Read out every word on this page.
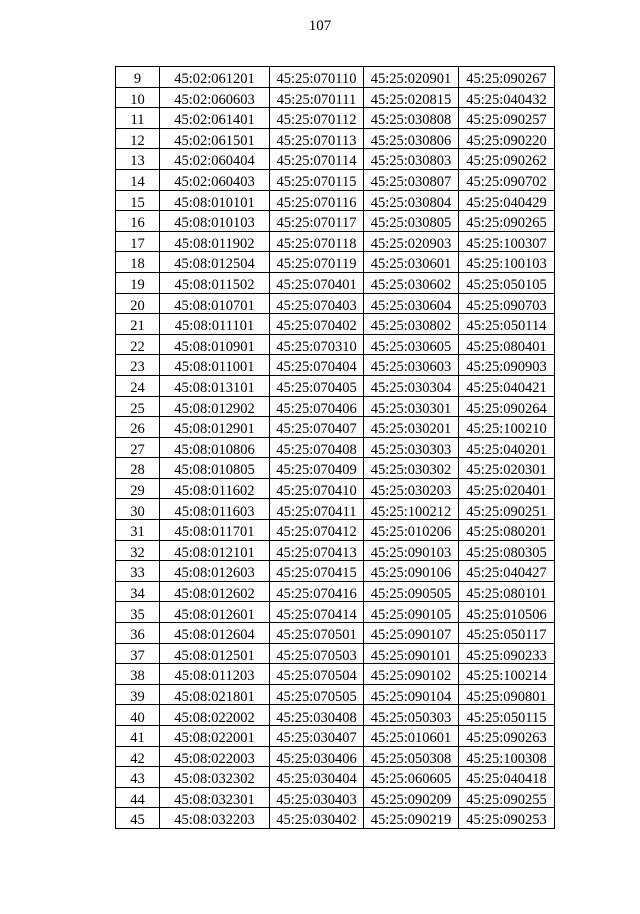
107
9	45:02:061201	45:25:070110	45:25:020901	45:25:090267
10	45:02:060603	45:25:070111	45:25:020815	45:25:040432
11	45:02:061401	45:25:070112	45:25:030808	45:25:090257
12	45:02:061501	45:25:070113	45:25:030806	45:25:090220
13	45:02:060404	45:25:070114	45:25:030803	45:25:090262
14	45:02:060403	45:25:070115	45:25:030807	45:25:090702
15	45:08:010101	45:25:070116	45:25:030804	45:25:040429
16	45:08:010103	45:25:070117	45:25:030805	45:25:090265
17	45:08:011902	45:25:070118	45:25:020903	45:25:100307
18	45:08:012504	45:25:070119	45:25:030601	45:25:100103
19	45:08:011502	45:25:070401	45:25:030602	45:25:050105
20	45:08:010701	45:25:070403	45:25:030604	45:25:090703
21	45:08:011101	45:25:070402	45:25:030802	45:25:050114
22	45:08:010901	45:25:070310	45:25:030605	45:25:080401
23	45:08:011001	45:25:070404	45:25:030603	45:25:090903
24	45:08:013101	45:25:070405	45:25:030304	45:25:040421
25	45:08:012902	45:25:070406	45:25:030301	45:25:090264
26	45:08:012901	45:25:070407	45:25:030201	45:25:100210
27	45:08:010806	45:25:070408	45:25:030303	45:25:040201
28	45:08:010805	45:25:070409	45:25:030302	45:25:020301
29	45:08:011602	45:25:070410	45:25:030203	45:25:020401
30	45:08:011603	45:25:070411	45:25:100212	45:25:090251
31	45:08:011701	45:25:070412	45:25:010206	45:25:080201
32	45:08:012101	45:25:070413	45:25:090103	45:25:080305
33	45:08:012603	45:25:070415	45:25:090106	45:25:040427
34	45:08:012602	45:25:070416	45:25:090505	45:25:080101
35	45:08:012601	45:25:070414	45:25:090105	45:25:010506
36	45:08:012604	45:25:070501	45:25:090107	45:25:050117
37	45:08:012501	45:25:070503	45:25:090101	45:25:090233
38	45:08:011203	45:25:070504	45:25:090102	45:25:100214
39	45:08:021801	45:25:070505	45:25:090104	45:25:090801
40	45:08:022002	45:25:030408	45:25:050303	45:25:050115
41	45:08:022001	45:25:030407	45:25:010601	45:25:090263
42	45:08:022003	45:25:030406	45:25:050308	45:25:100308
43	45:08:032302	45:25:030404	45:25:060605	45:25:040418
44	45:08:032301	45:25:030403	45:25:090209	45:25:090255
45	45:08:032203	45:25:030402	45:25:090219	45:25:090253
